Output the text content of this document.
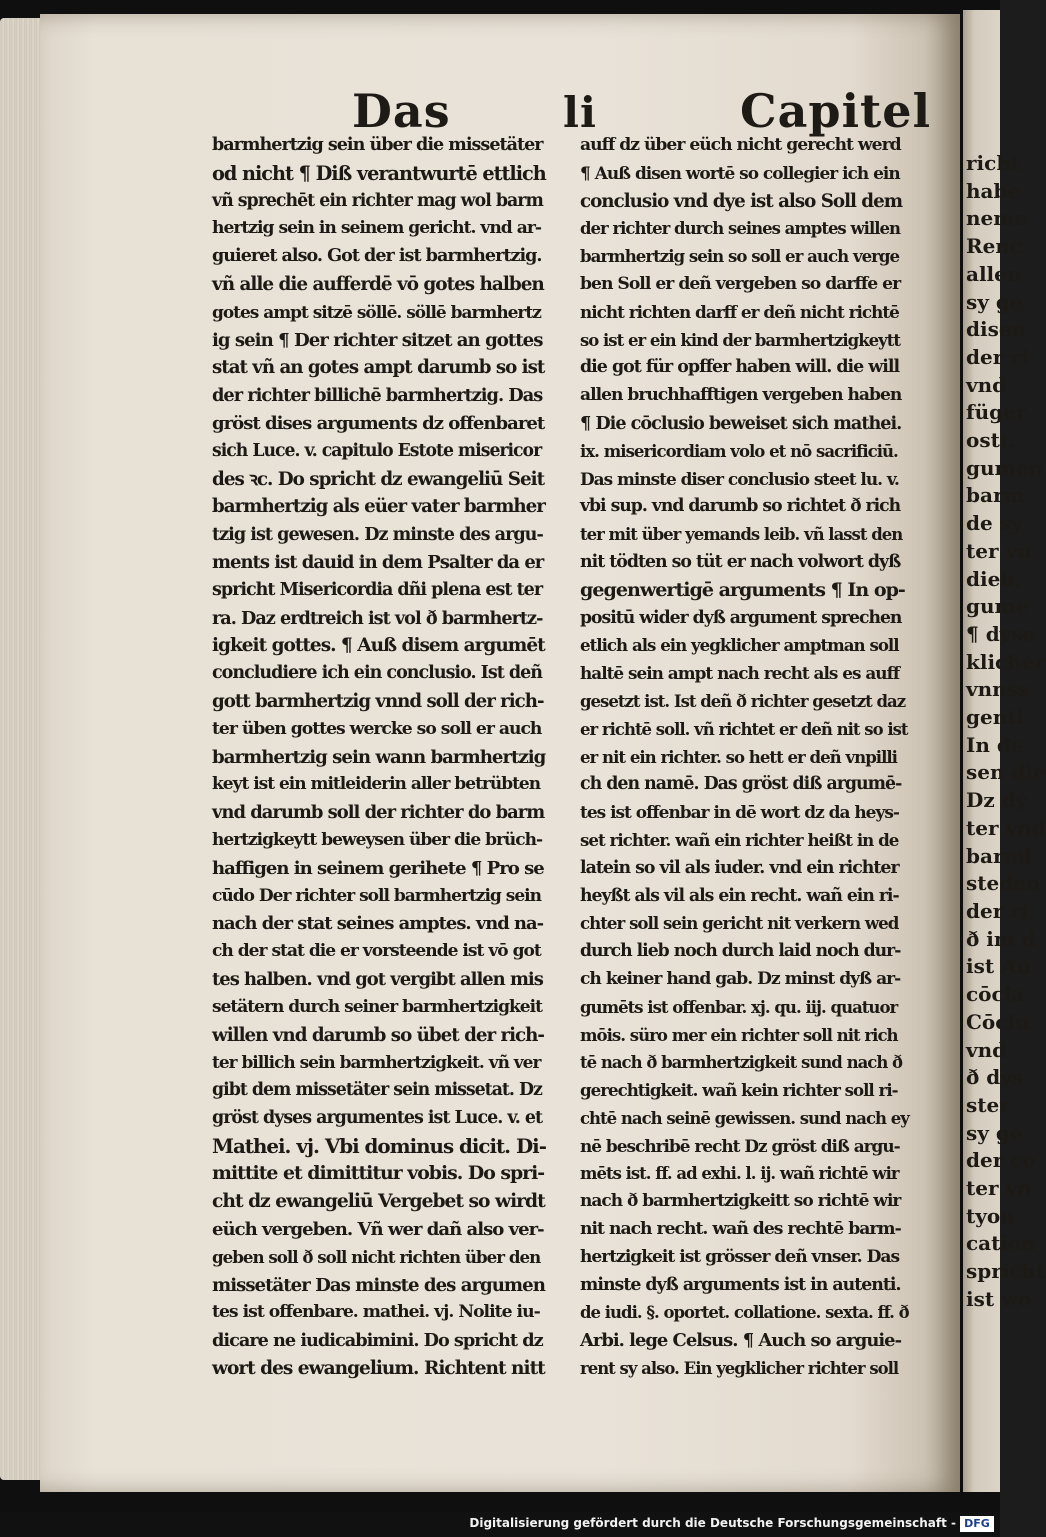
Das	li	Capitel
barmhertzig sein über die missetäter
od nicht ¶ Diß verantwurtē ettlich
vñ sprechēt ein richter mag wol barm
hertzig sein in seinem gericht. vnd ar-
guieret also. Got der ist barmhertzig.
vñ alle die aufferdē vō gotes halben
gotes ampt sitzē söllē. söllē barmhertz
ig sein ¶ Der richter sitzet an gottes
stat vñ an gotes ampt darumb so ist
der richter billichē barmhertzig. Das
gröst dises arguments dz offenbaret
sich Luce. v. capitulo Estote misericor
des ꝛc. Do spricht dz ewangeliū Seit
barmhertzig als eüer vater barmher
tzig ist gewesen. Dz minste des argu-
ments ist dauid in dem Psalter da er
spricht Misericordia dñi plena est ter
ra. Daz erdtreich ist vol ð barmhertz-
igkeit gottes. ¶ Auß disem argumēt
concludiere ich ein conclusio. Ist deñ
gott barmhertzig vnnd soll der rich-
ter üben gottes wercke so soll er auch
barmhertzig sein wann barmhertzig
keyt ist ein mitleiderin aller betrübten
vnd darumb soll der richter do barm
hertzigkeytt beweysen über die brüch-
haffigen in seinem gerihete ¶ Pro se
cūdo Der richter soll barmhertzig sein
nach der stat seines amptes. vnd na-
ch der stat die er vorsteende ist vō got
tes halben. vnd got vergibt allen mis
setätern durch seiner barmhertzigkeit
willen vnd darumb so übet der rich-
ter billich sein barmhertzigkeit. vñ ver
gibt dem missetäter sein missetat. Dz
gröst dyses argumentes ist Luce. v. et
Mathei. vj. Vbi dominus dicit. Di-
mittite et dimittitur vobis. Do spri-
cht dz ewangeliū Vergebet so wirdt
eüch vergeben. Vñ wer dañ also ver-
geben soll ð soll nicht richten über den
missetäter Das minste des argumen
tes ist offenbare. mathei. vj. Nolite iu-
dicare ne iudicabimini. Do spricht dz
wort des ewangelium. Richtent nitt
auff dz über eüch nicht gerecht werd
¶ Auß disen wortē so collegier ich ein
conclusio vnd dye ist also Soll dem
der richter durch seines amptes willen
barmhertzig sein so soll er auch verge
ben Soll er deñ vergeben so darffe er
nicht richten darff er deñ nicht richtē
so ist er ein kind der barmhertzigkeytt
die got für opffer haben will. die will
allen bruchhafftigen vergeben haben
¶ Die cōclusio beweiset sich mathei.
ix. misericordiam volo et nō sacrificiū.
Das minste diser conclusio steet lu. v.
vbi sup. vnd darumb so richtet ð rich
ter mit über yemands leib. vñ lasst den
nit tödten so tüt er nach volwort dyß
gegenwertigē arguments ¶ In op-
positū wider dyß argument sprechen
etlich als ein yegklicher amptman soll
haltē sein ampt nach recht als es auff
gesetzt ist. Ist deñ ð richter gesetzt daz
er richtē soll. vñ richtet er deñ nit so ist
er nit ein richter. so hett er deñ vnpilli
ch den namē. Das gröst diß argumē-
tes ist offenbar in dē wort dz da heys-
set richter. wañ ein richter heißt in de
latein so vil als iuder. vnd ein richter
heyßt als vil als ein recht. wañ ein ri-
chter soll sein gericht nit verkern wed
durch lieb noch durch laid noch dur-
ch keiner hand gab. Dz minst dyß ar-
gumēts ist offenbar. xj. qu. iij. quatuor
mōis. süro mer ein richter soll nit rich
tē nach ð barmhertzigkeit sund nach ð
gerechtigkeit. wañ kein richter soll ri-
chtē nach seinē gewissen. sund nach ey
nē beschribē recht Dz gröst diß argu-
mēts ist. ff. ad exhi. l. ij. wañ richtē wir
nach ð barmhertzigkeitt so richtē wir
nit nach recht. wañ des rechtē barm-
hertzigkeit ist grösser deñ vnser. Das
minste dyß arguments ist in autenti.
de iudi. §. oportet. collatione. sexta. ff. ð
Arbi. lege Celsus. ¶ Auch so arguie-
rent sy also. Ein yegklicher richter soll
richt
habe
neme
Renc
allen
sy ge
disen
der ri
vnd
füger
ostt.
gumen
barm
de sy
ter vn
dieb.
gume
¶ dyse
klicher
vnnss
genti
In de
sen die
Dz dy
ter vnd
barml
steden
der ri
ð im d
ist Au
cōcla
Cōclu
vnd
ð dys
ster
sy ge
der co
ter vn
tyon
cation
spricht
ist wo
Digitalisierung gefördert durch die Deutsche Forschungsgemeinschaft - DFG
